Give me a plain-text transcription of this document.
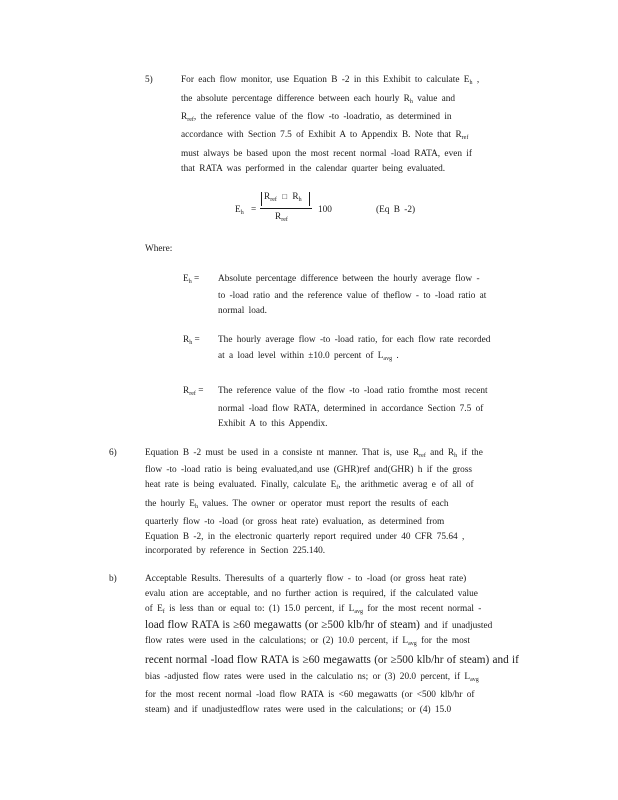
5)	For each flow monitor, use Equation B -2 in this Exhibit to calculate $E_h$ ,
the absolute percentage difference between each hourly $R_h$ value and
$R_{ref}$, the reference value of the flow -to -loadratio, as determined in
accordance with Section 7.5 of Exhibit A to Appendix B. Note that $R_{ref}$
must always be based upon the most recent normal -load RATA, even if
that RATA was performed in the calendar quarter being evaluated.
$E_h$ =
$R_{ref}$ □ $R_h$
$R_{ref}$
100	(Eq B -2)
Where:
$E_h$ = Absolute percentage difference between the hourly average flow -
to -load ratio and the reference value of theflow - to -load ratio at
normal load.
$R_h$ = The hourly average flow -to -load ratio, for each flow rate recorded
at a load level within ±10.0 percent of $L_{avg}$ .
$R_{ref}$ = The reference value of the flow -to -load ratio fromthe most recent
normal -load flow RATA, determined in accordance Section 7.5 of
Exhibit A to this Appendix.
6)	Equation B -2 must be used in a consiste nt manner. That is, use $R_{ref}$ and $R_h$ if the
flow -to -load ratio is being evaluated,and use (GHR)ref and(GHR) h if the gross
heat rate is being evaluated. Finally, calculate $E_f$, the arithmetic averag e of all of
the hourly $E_h$ values. The owner or operator must report the results of each
quarterly flow -to -load (or gross heat rate) evaluation, as determined from
Equation B -2, in the electronic quarterly report required under 40 CFR 75.64 ,
incorporated by reference in Section 225.140.
b)	Acceptable Results. Theresults of a quarterly flow - to -load (or gross heat rate)
evalu ation are acceptable, and no further action is required, if the calculated value
of $E_f$ is less than or equal to: (1) 15.0 percent, if $L_{avg}$ for the most recent normal -
load flow RATA is ≥60 megawatts (or ≥500 klb/hr of steam) and if unadjusted
flow rates were used in the calculations; or (2) 10.0 percent, if $L_{avg}$ for the most
recent normal -load flow RATA is ≥60 megawatts (or ≥500 klb/hr of steam) and if
bias -adjusted flow rates were used in the calculatio ns; or (3) 20.0 percent, if $L_{avg}$
for the most recent normal -load flow RATA is <60 megawatts (or <500 klb/hr of
steam) and if unadjustedflow rates were used in the calculations; or (4) 15.0
